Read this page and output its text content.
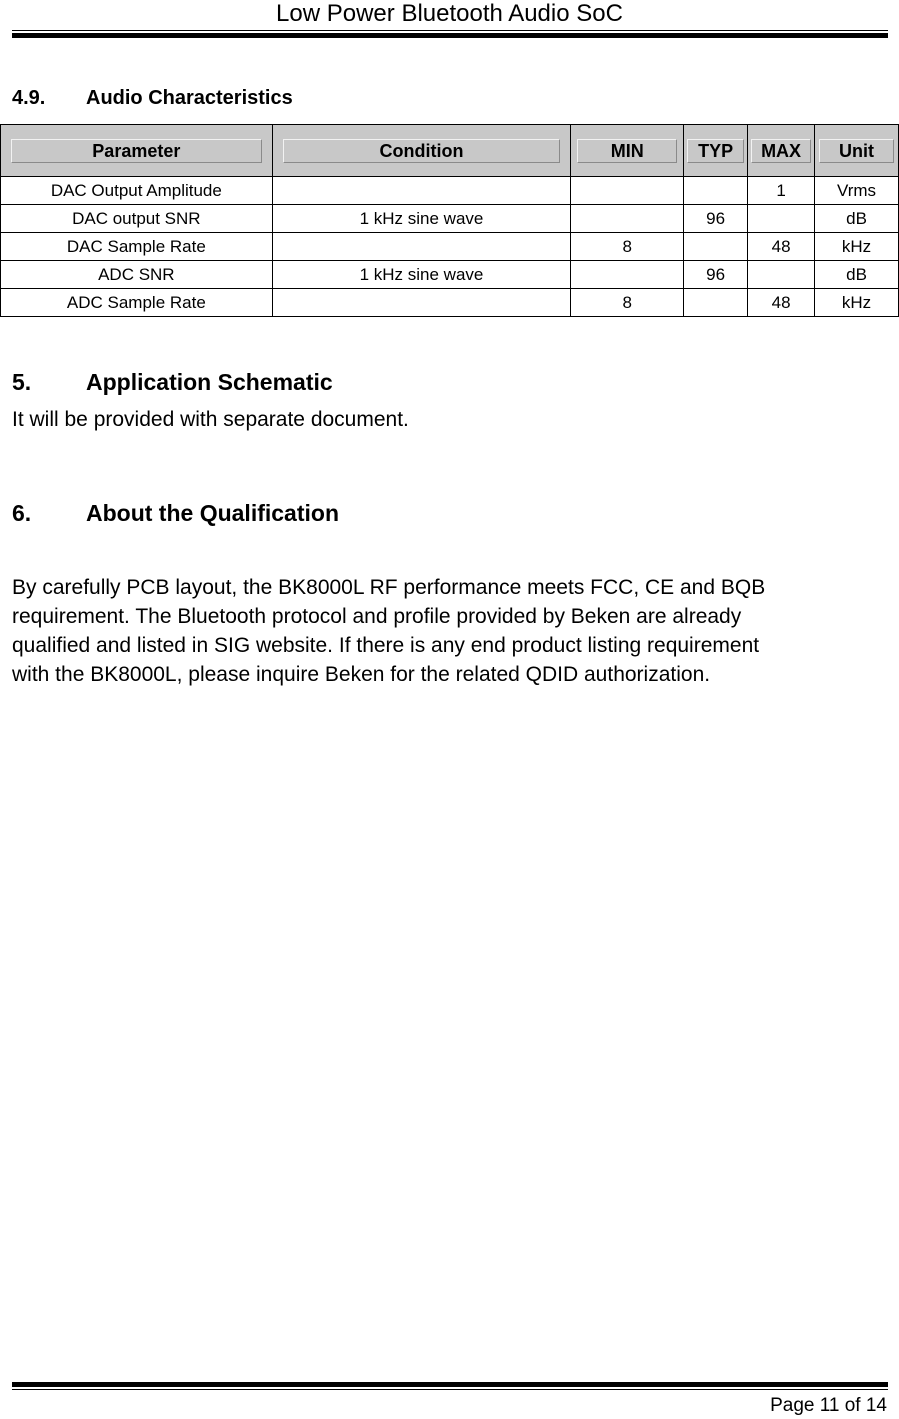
Low Power Bluetooth Audio SoC
4.9.	Audio Characteristics
Parameter	Condition	MIN	TYP	MAX	Unit

DAC Output Amplitude				1	Vrms
DAC output SNR	1 kHz sine wave		96		dB
DAC Sample Rate		8		48	kHz
ADC SNR	1 kHz sine wave		96		dB
ADC Sample Rate		8		48	kHz
5.	Application Schematic
It will be provided with separate document.
6.	About the Qualification
By carefully PCB layout, the BK8000L RF performance meets FCC, CE and BQB
requirement. The Bluetooth protocol and profile provided by Beken are already
qualified and listed in SIG website. If there is any end product listing requirement
with the BK8000L, please inquire Beken for the related QDID authorization.
Page 11 of 14
